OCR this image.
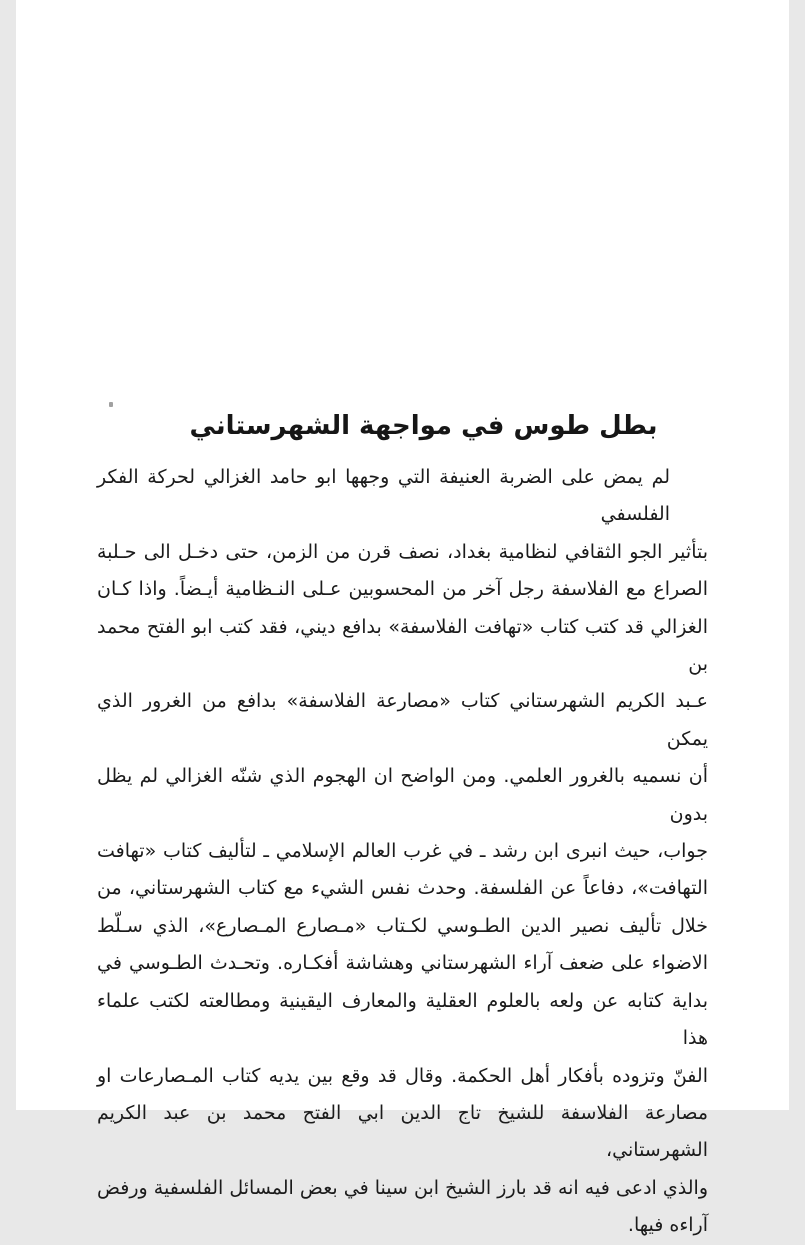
بطل طوس في مواجهة الشهرستاني
لم يمض على الضربة العنيفة التي وجهها ابو حامد الغزالي لحركة الفكر الفلسفي
بتأثير الجو الثقافي لنظامية بغداد، نصف قرن من الزمن، حتى دخـل الى حـلبة
الصراع مع الفلاسفة رجل آخر من المحسوبين عـلى النـظامية أيـضاً. واذا كـان
الغزالي قد كتب كتاب «تهافت الفلاسفة» بدافع ديني، فقد كتب ابو الفتح محمد بن
عـبد الكريم الشهرستاني كتاب «مصارعة الفلاسفة» بدافع من الغرور الذي يمكن
أن نسميه بالغرور العلمي. ومن الواضح ان الهجوم الذي شنّه الغزالي لم يظل بدون
جواب، حيث انبرى ابن رشد ـ في غرب العالم الإسلامي ـ لتأليف كتاب «تهافت
التهافت»، دفاعاً عن الفلسفة. وحدث نفس الشيء مع كتاب الشهرستاني، من
خلال تأليف نصير الدين الطـوسي لكـتاب «مـصارع المـصارع»، الذي سـلّط
الاضواء على ضعف آراء الشهرستاني وهشاشة أفكـاره. وتحـدث الطـوسي في
بداية كتابه عن ولعه بالعلوم العقلية والمعارف اليقينية ومطالعته لكتب علماء هذا
الفنّ وتزوده بأفكار أهل الحكمة. وقال قد وقع بين يديه كتاب المـصارعات او
مصارعة الفلاسفة للشيخ تاج الدين ابي الفتح محمد بن عبد الكريم الشهرستاني،
والذي ادعى فيه انه قد بارز الشيخ ابن سينا في بعض المسائل الفلسفية ورفض
آراءه فيها.
